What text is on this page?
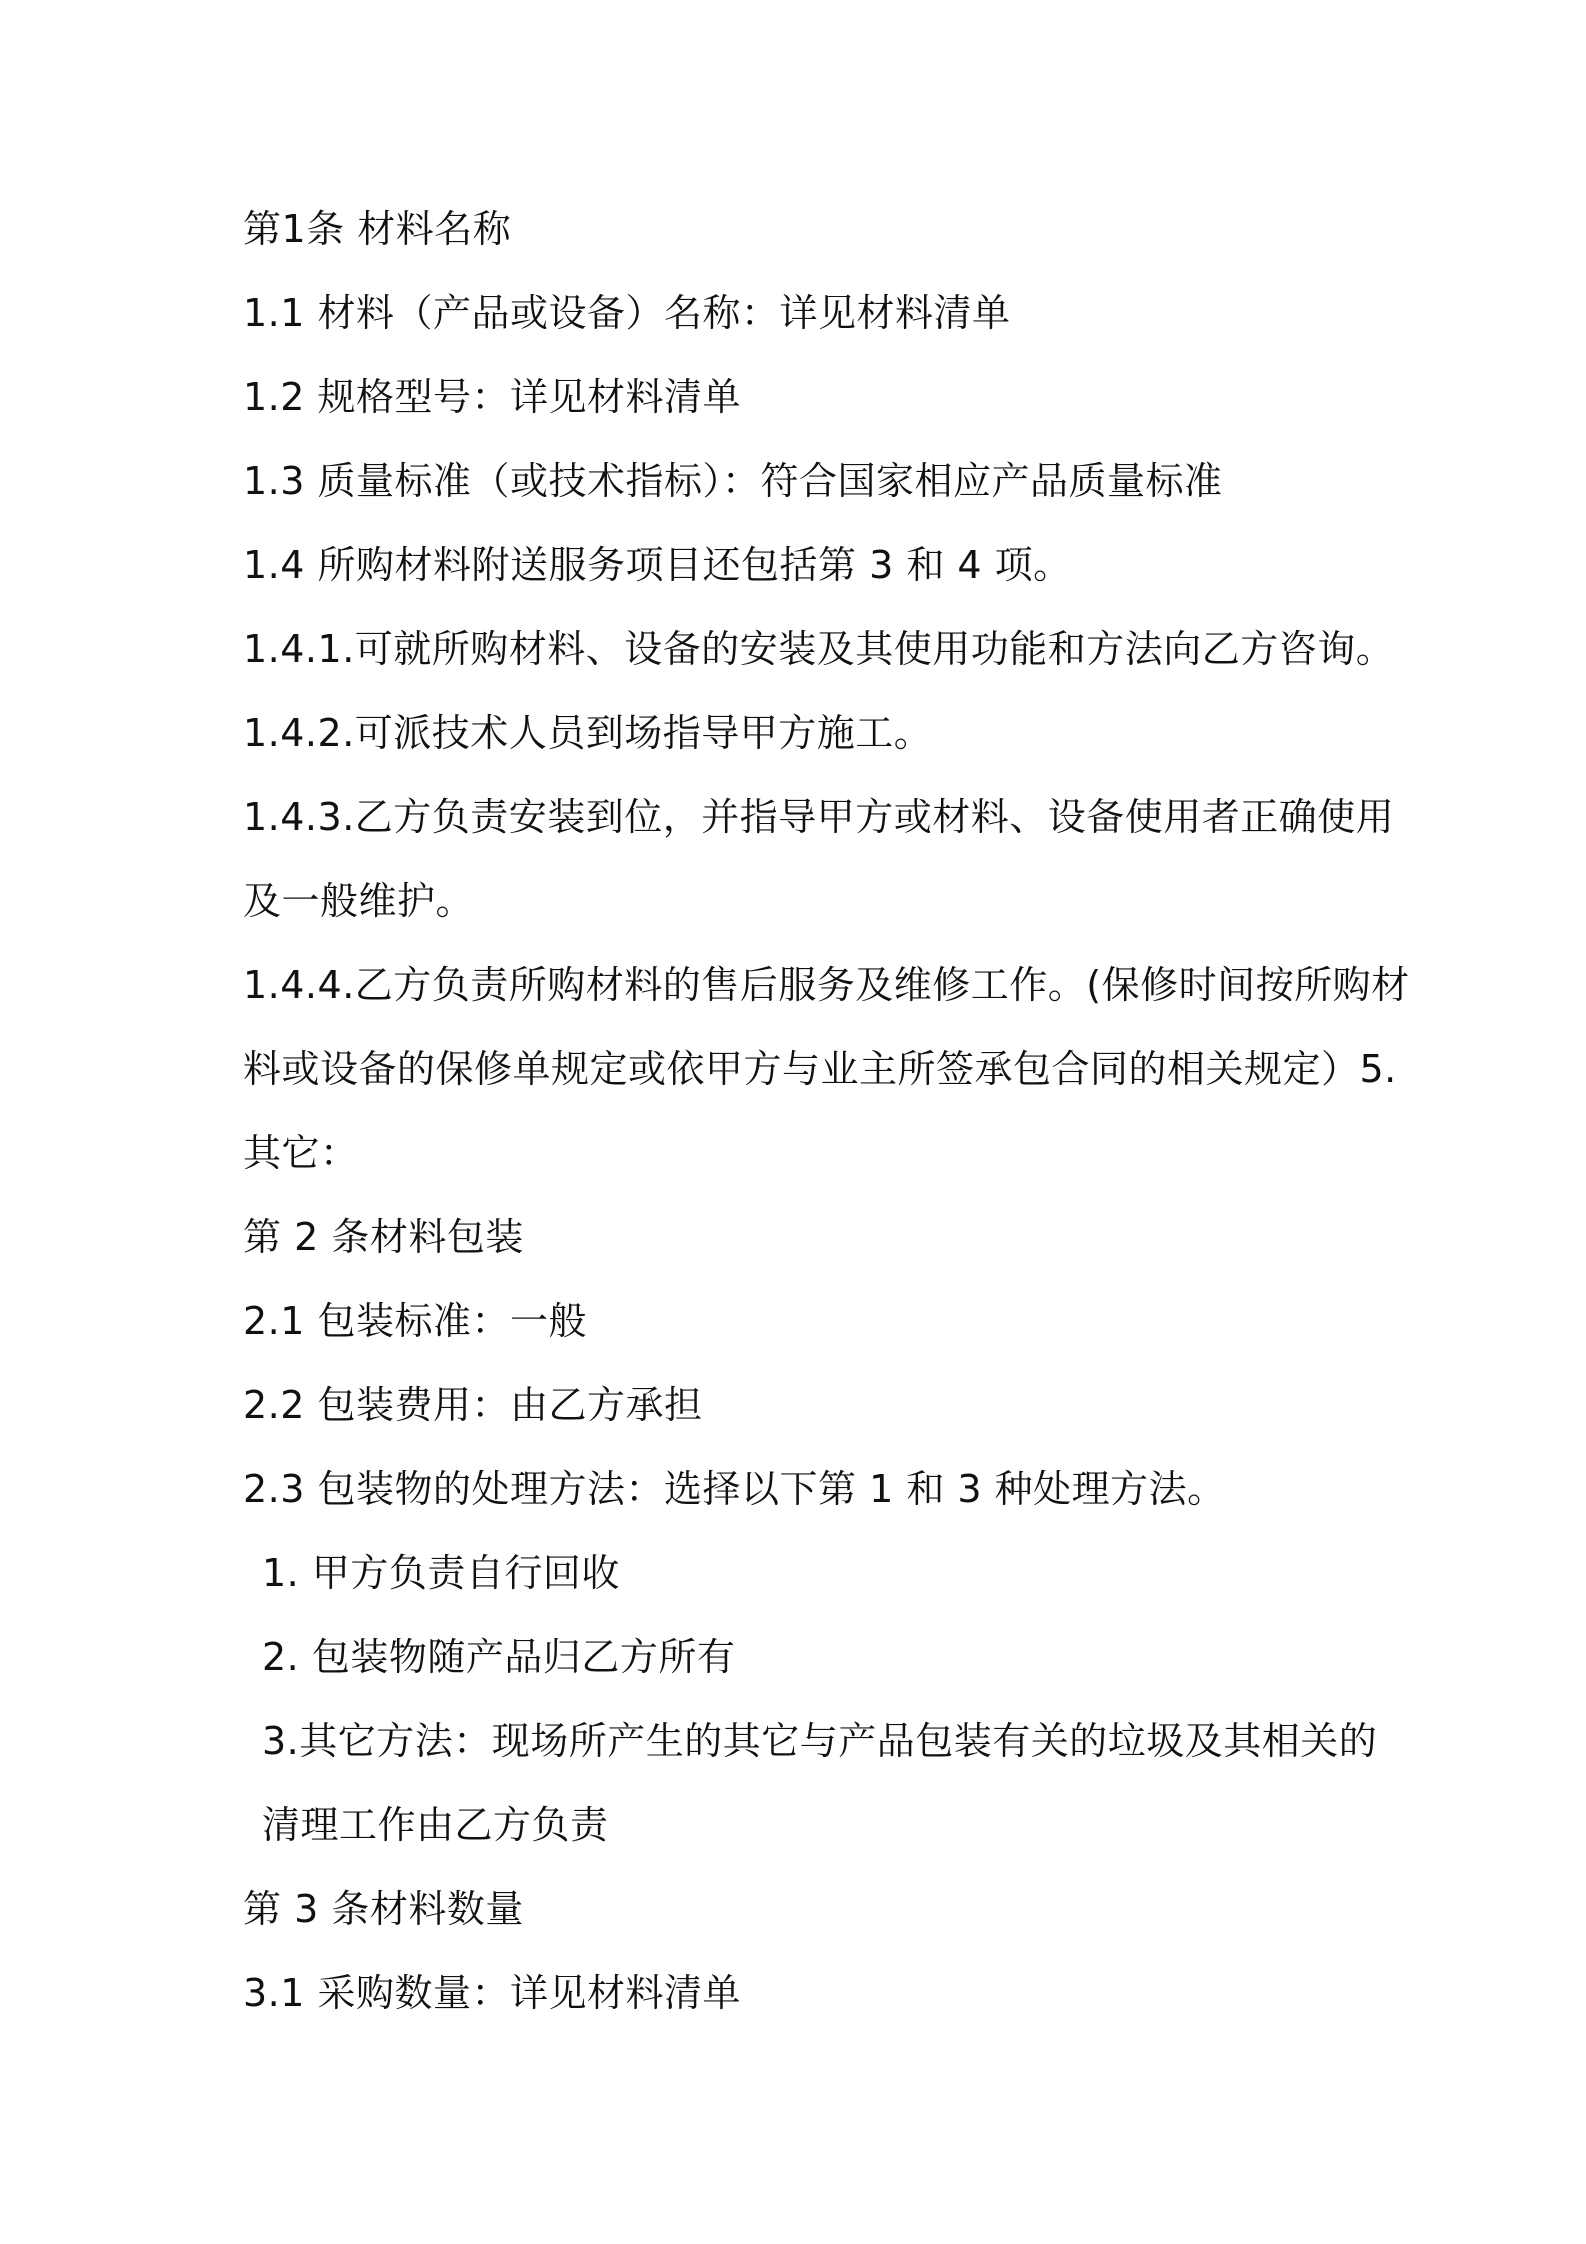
第1条 材料名称
1.1 材料（产品或设备）名称：详见材料清单
1.2 规格型号：详见材料清单
1.3 质量标准（或技术指标）：符合国家相应产品质量标准
1.4 所购材料附送服务项目还包括第 3 和 4 项。
1.4.1.可就所购材料、设备的安装及其使用功能和方法向乙方咨询。
1.4.2.可派技术人员到场指导甲方施工。
1.4.3.乙方负责安装到位，并指导甲方或材料、设备使用者正确使用
及一般维护。
1.4.4.乙方负责所购材料的售后服务及维修工作。(保修时间按所购材
料或设备的保修单规定或依甲方与业主所签承包合同的相关规定）5.
其它：
第 2 条材料包装
2.1 包装标准：一般
2.2 包装费用：由乙方承担
2.3 包装物的处理方法：选择以下第 1 和 3 种处理方法。
1. 甲方负责自行回收
2. 包装物随产品归乙方所有
3.其它方法：现场所产生的其它与产品包装有关的垃圾及其相关的
清理工作由乙方负责
第 3 条材料数量
3.1 采购数量：详见材料清单
